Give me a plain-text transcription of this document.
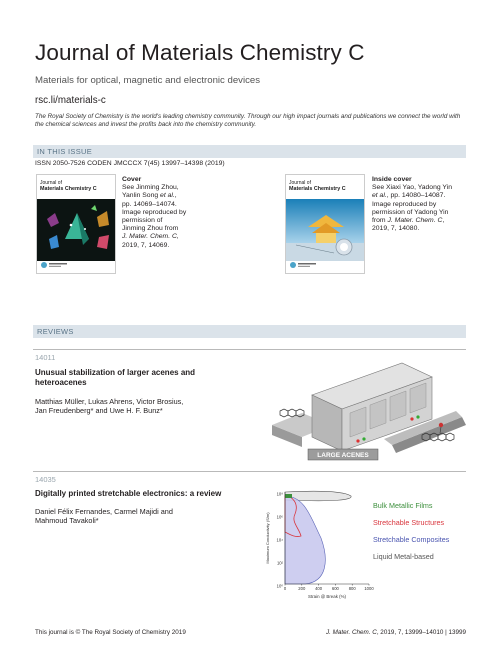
Journal of Materials Chemistry C
Materials for optical, magnetic and electronic devices
rsc.li/materials-c
The Royal Society of Chemistry is the world's leading chemistry community. Through our high impact journals and publications we connect the world with the chemical sciences and invest the profits back into the chemistry community.
IN THIS ISSUE
ISSN 2050-7526 CODEN JMCCCX 7(45) 13997–14398 (2019)
Journal of
Materials Chemistry C
Cover
See Jinming Zhou,
Yanlin Song et al.,
pp. 14069–14074.
Image reproduced by
permission of
Jinming Zhou from
J. Mater. Chem. C,
2019, 7, 14069.
Journal of
Materials Chemistry C
Inside cover
See Xiaxi Yao, Yadong Yin
et al., pp. 14080–14087.
Image reproduced by
permission of Yadong Yin
from J. Mater. Chem. C,
2019, 7, 14080.
REVIEWS
14011
Unusual stabilization of larger acenes and
heteroacenes
Matthias Müller, Lukas Ahrens, Victor Brosius,
Jan Freudenberg* and Uwe H. F. Bunz*
LARGE ACENES
14035
Digitally printed stretchable electronics: a review
Daniel Félix Fernandes, Carmel Majidi and
Mahmoud Tavakoli*	Maximum Conductivity (S/m)
Strain @ Break (%)
0	200 400 600 800 1000
10⁸
10⁶
10⁴
10²
10⁰
Bulk Metallic Films
Stretchable Structures
Stretchable Composites
Liquid Metal-based
This journal is © The Royal Society of Chemistry 2019	J. Mater. Chem. C, 2019, 7, 13999–14010 | 13999
